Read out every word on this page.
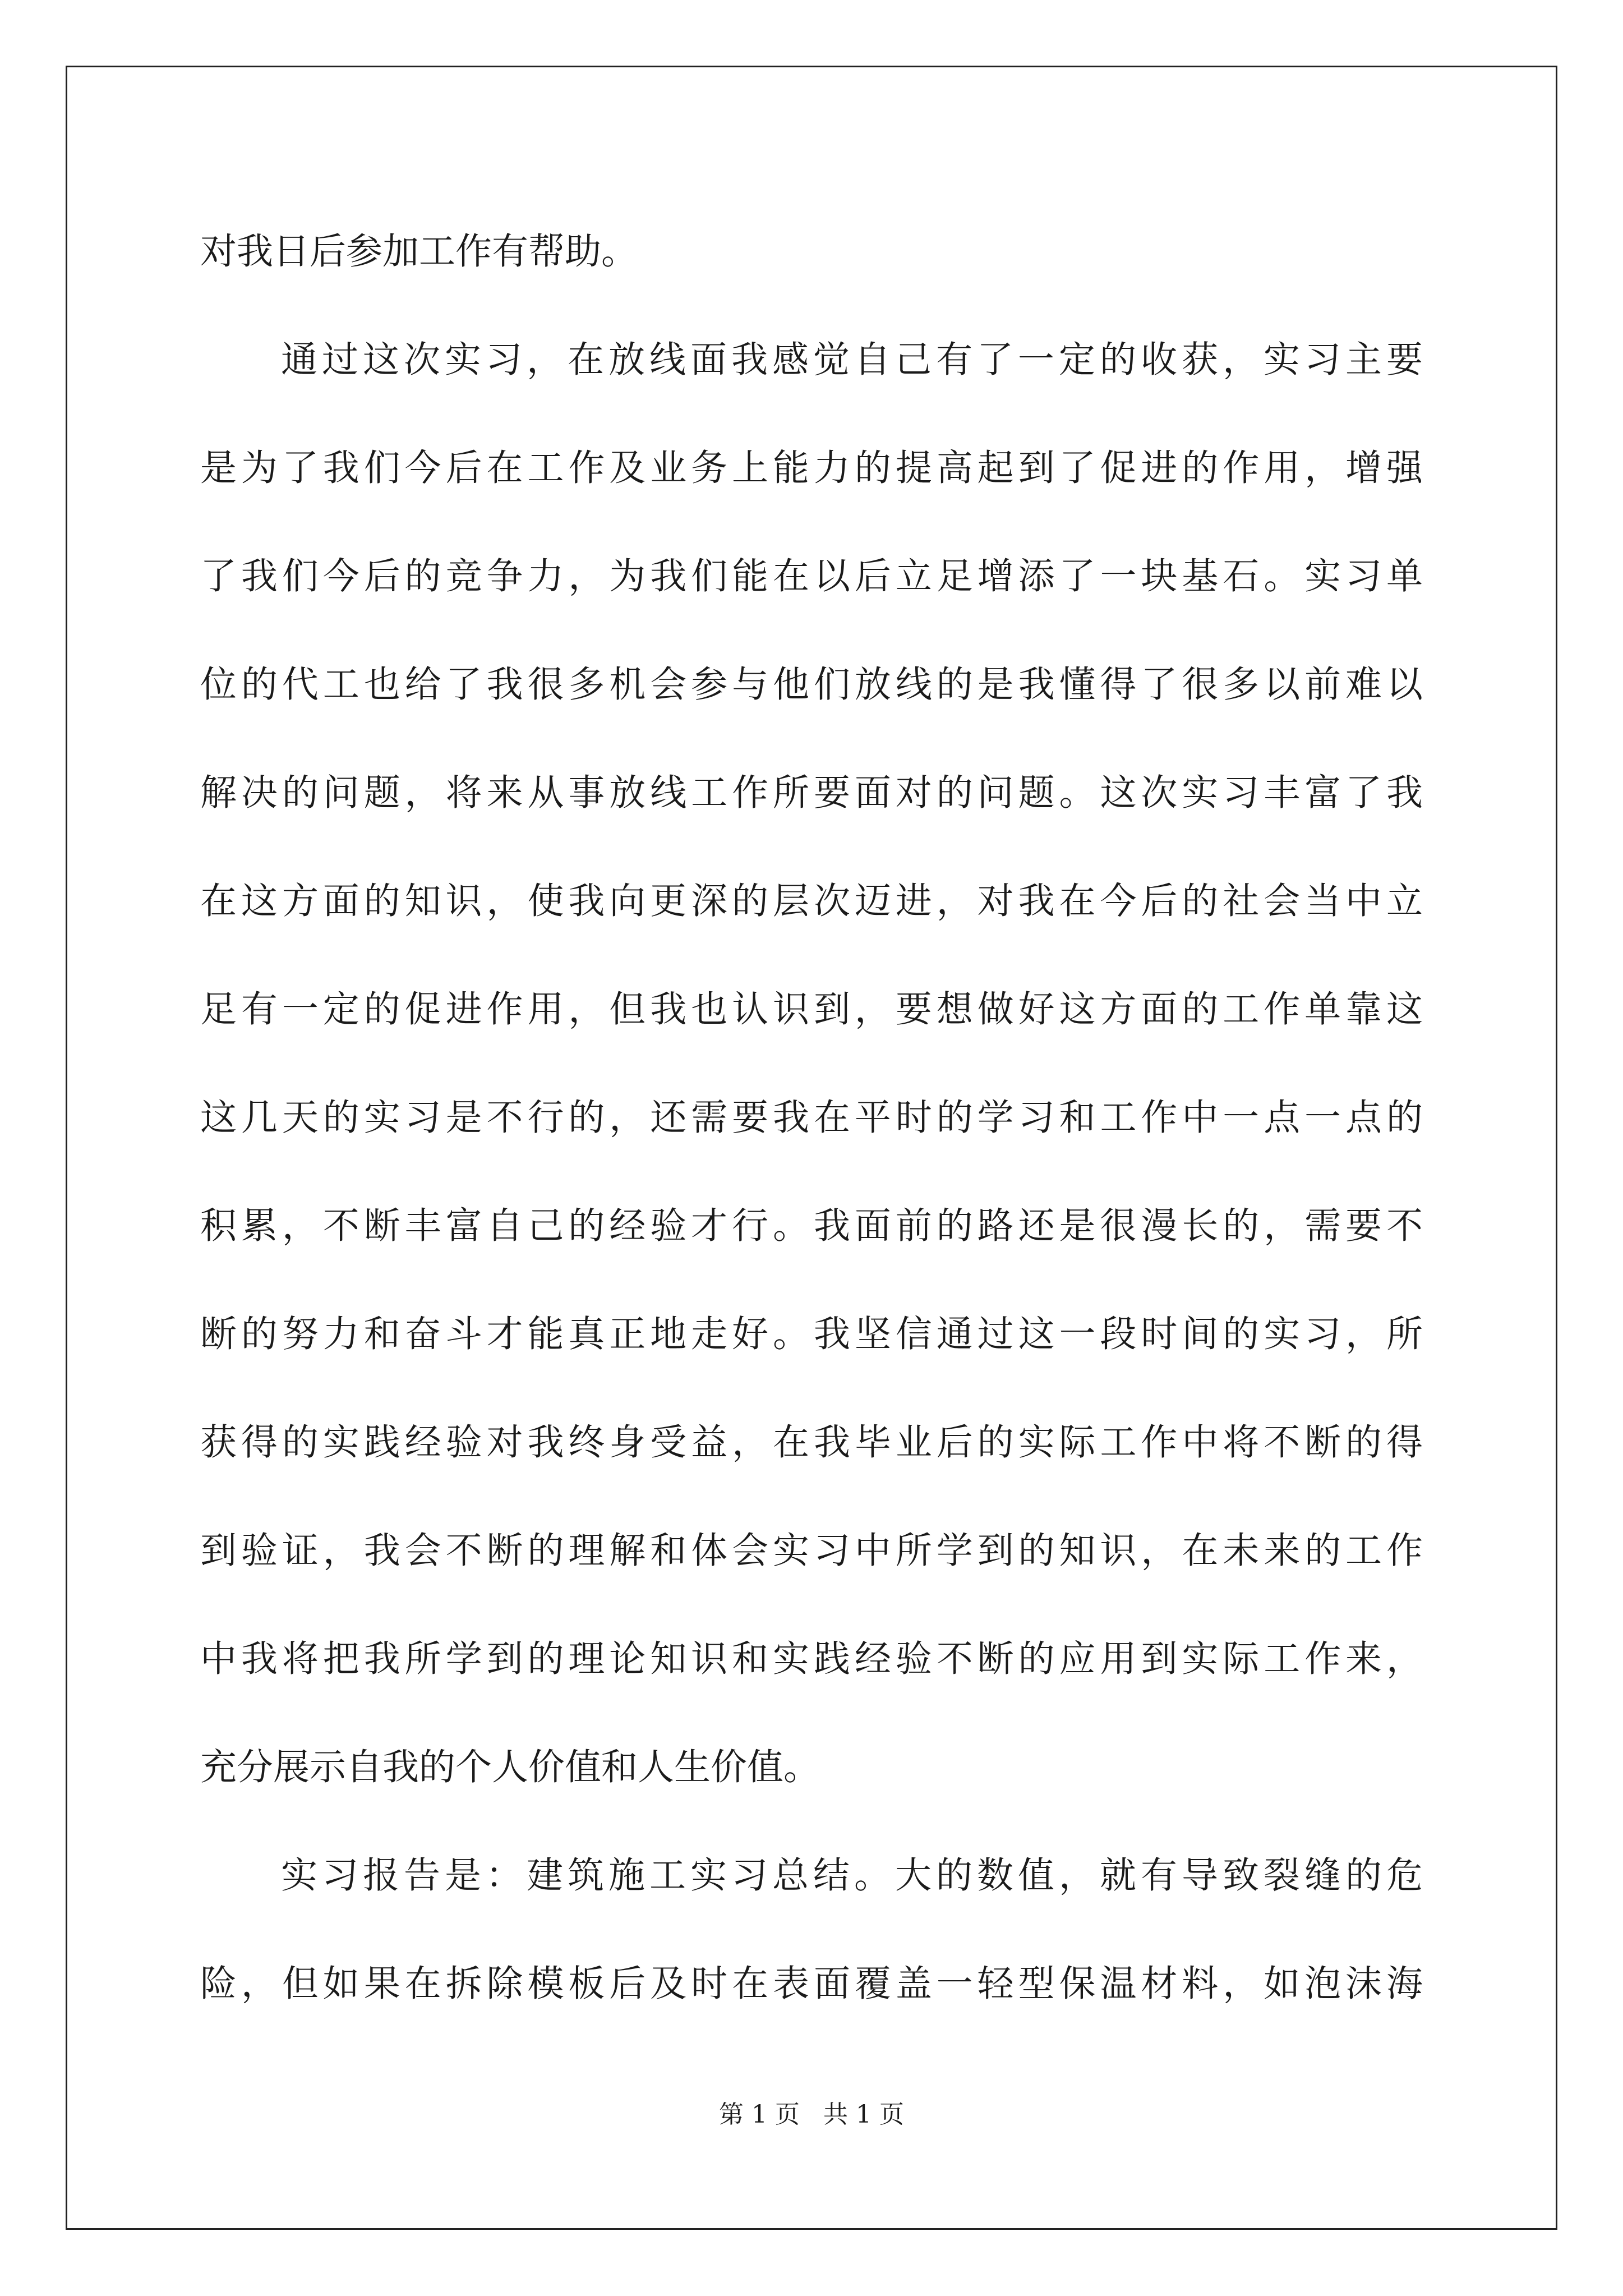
对我日后参加工作有帮助。
通过这次实习，在放线面我感觉自己有了一定的收获，实习主要
是为了我们今后在工作及业务上能力的提高起到了促进的作用，增强
了我们今后的竞争力，为我们能在以后立足增添了一块基石。实习单
位的代工也给了我很多机会参与他们放线的是我懂得了很多以前难以
解决的问题，将来从事放线工作所要面对的问题。这次实习丰富了我
在这方面的知识，使我向更深的层次迈进，对我在今后的社会当中立
足有一定的促进作用，但我也认识到，要想做好这方面的工作单靠这
这几天的实习是不行的，还需要我在平时的学习和工作中一点一点的
积累，不断丰富自己的经验才行。我面前的路还是很漫长的，需要不
断的努力和奋斗才能真正地走好。我坚信通过这一段时间的实习，所
获得的实践经验对我终身受益，在我毕业后的实际工作中将不断的得
到验证，我会不断的理解和体会实习中所学到的知识，在未来的工作
中我将把我所学到的理论知识和实践经验不断的应用到实际工作来，
充分展示自我的个人价值和人生价值。
实习报告是：建筑施工实习总结。大的数值，就有导致裂缝的危
险，但如果在拆除模板后及时在表面覆盖一轻型保温材料，如泡沫海
第 1 页 共 1 页
